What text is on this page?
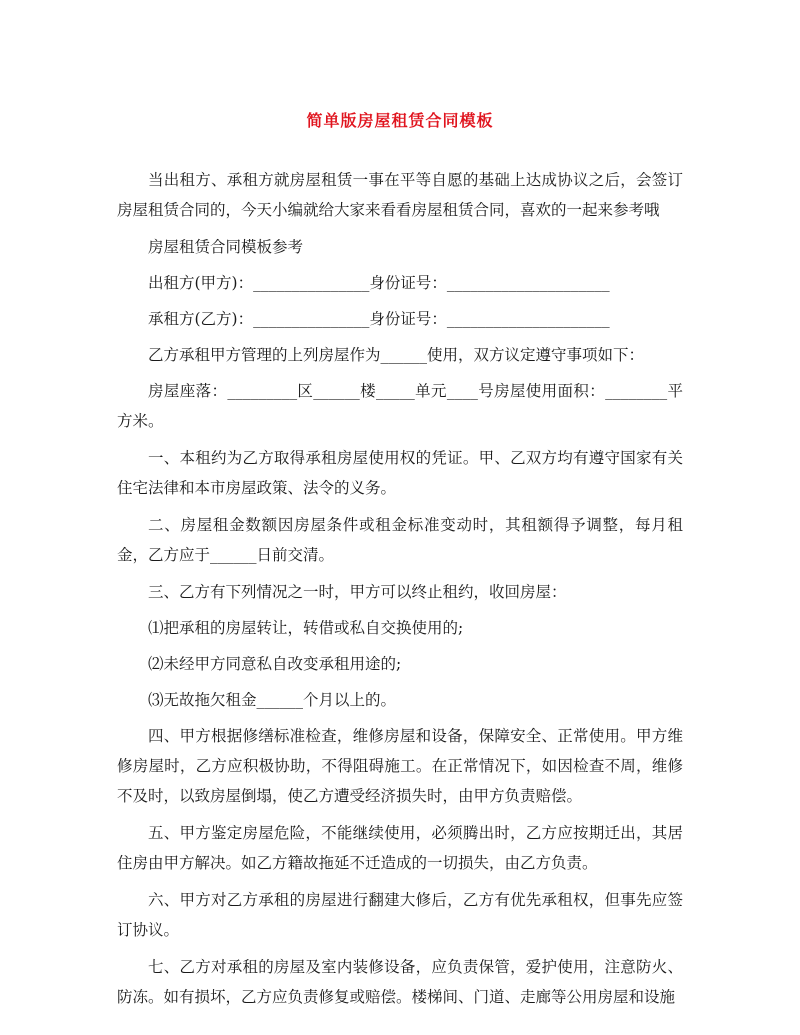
简单版房屋租赁合同模板

当出租方、承租方就房屋租赁一事在平等自愿的基础上达成协议之后，会签订房屋租赁合同的，今天小编就给大家来看看房屋租赁合同，喜欢的一起来参考哦

房屋租赁合同模板参考

出租方(甲方)：_______________身份证号：_____________________

承租方(乙方)：_______________身份证号：_____________________

乙方承租甲方管理的上列房屋作为______使用，双方议定遵守事项如下：

房屋座落：_________区______楼_____单元____号房屋使用面积：________平方米。

一、本租约为乙方取得承租房屋使用权的凭证。甲、乙双方均有遵守国家有关住宅法律和本市房屋政策、法令的义务。

二、房屋租金数额因房屋条件或租金标准变动时，其租额得予调整，每月租金，乙方应于______日前交清。

三、乙方有下列情况之一时，甲方可以终止租约，收回房屋：

⑴把承租的房屋转让，转借或私自交换使用的;

⑵未经甲方同意私自改变承租用途的;

⑶无故拖欠租金______个月以上的。

四、甲方根据修缮标准检查，维修房屋和设备，保障安全、正常使用。甲方维修房屋时，乙方应积极协助，不得阻碍施工。在正常情况下，如因检查不周，维修不及时，以致房屋倒塌，使乙方遭受经济损失时，由甲方负责赔偿。

五、甲方鉴定房屋危险，不能继续使用，必须腾出时，乙方应按期迁出，其居住房由甲方解决。如乙方籍故拖延不迁造成的一切损失，由乙方负责。

六、甲方对乙方承租的房屋进行翻建大修后，乙方有优先承租权，但事先应签订协议。

七、乙方对承租的房屋及室内装修设备，应负责保管，爱护使用，注意防火、防冻。如有损坏，乙方应负责修复或赔偿。楼梯间、门道、走廊等公用房屋和设施
